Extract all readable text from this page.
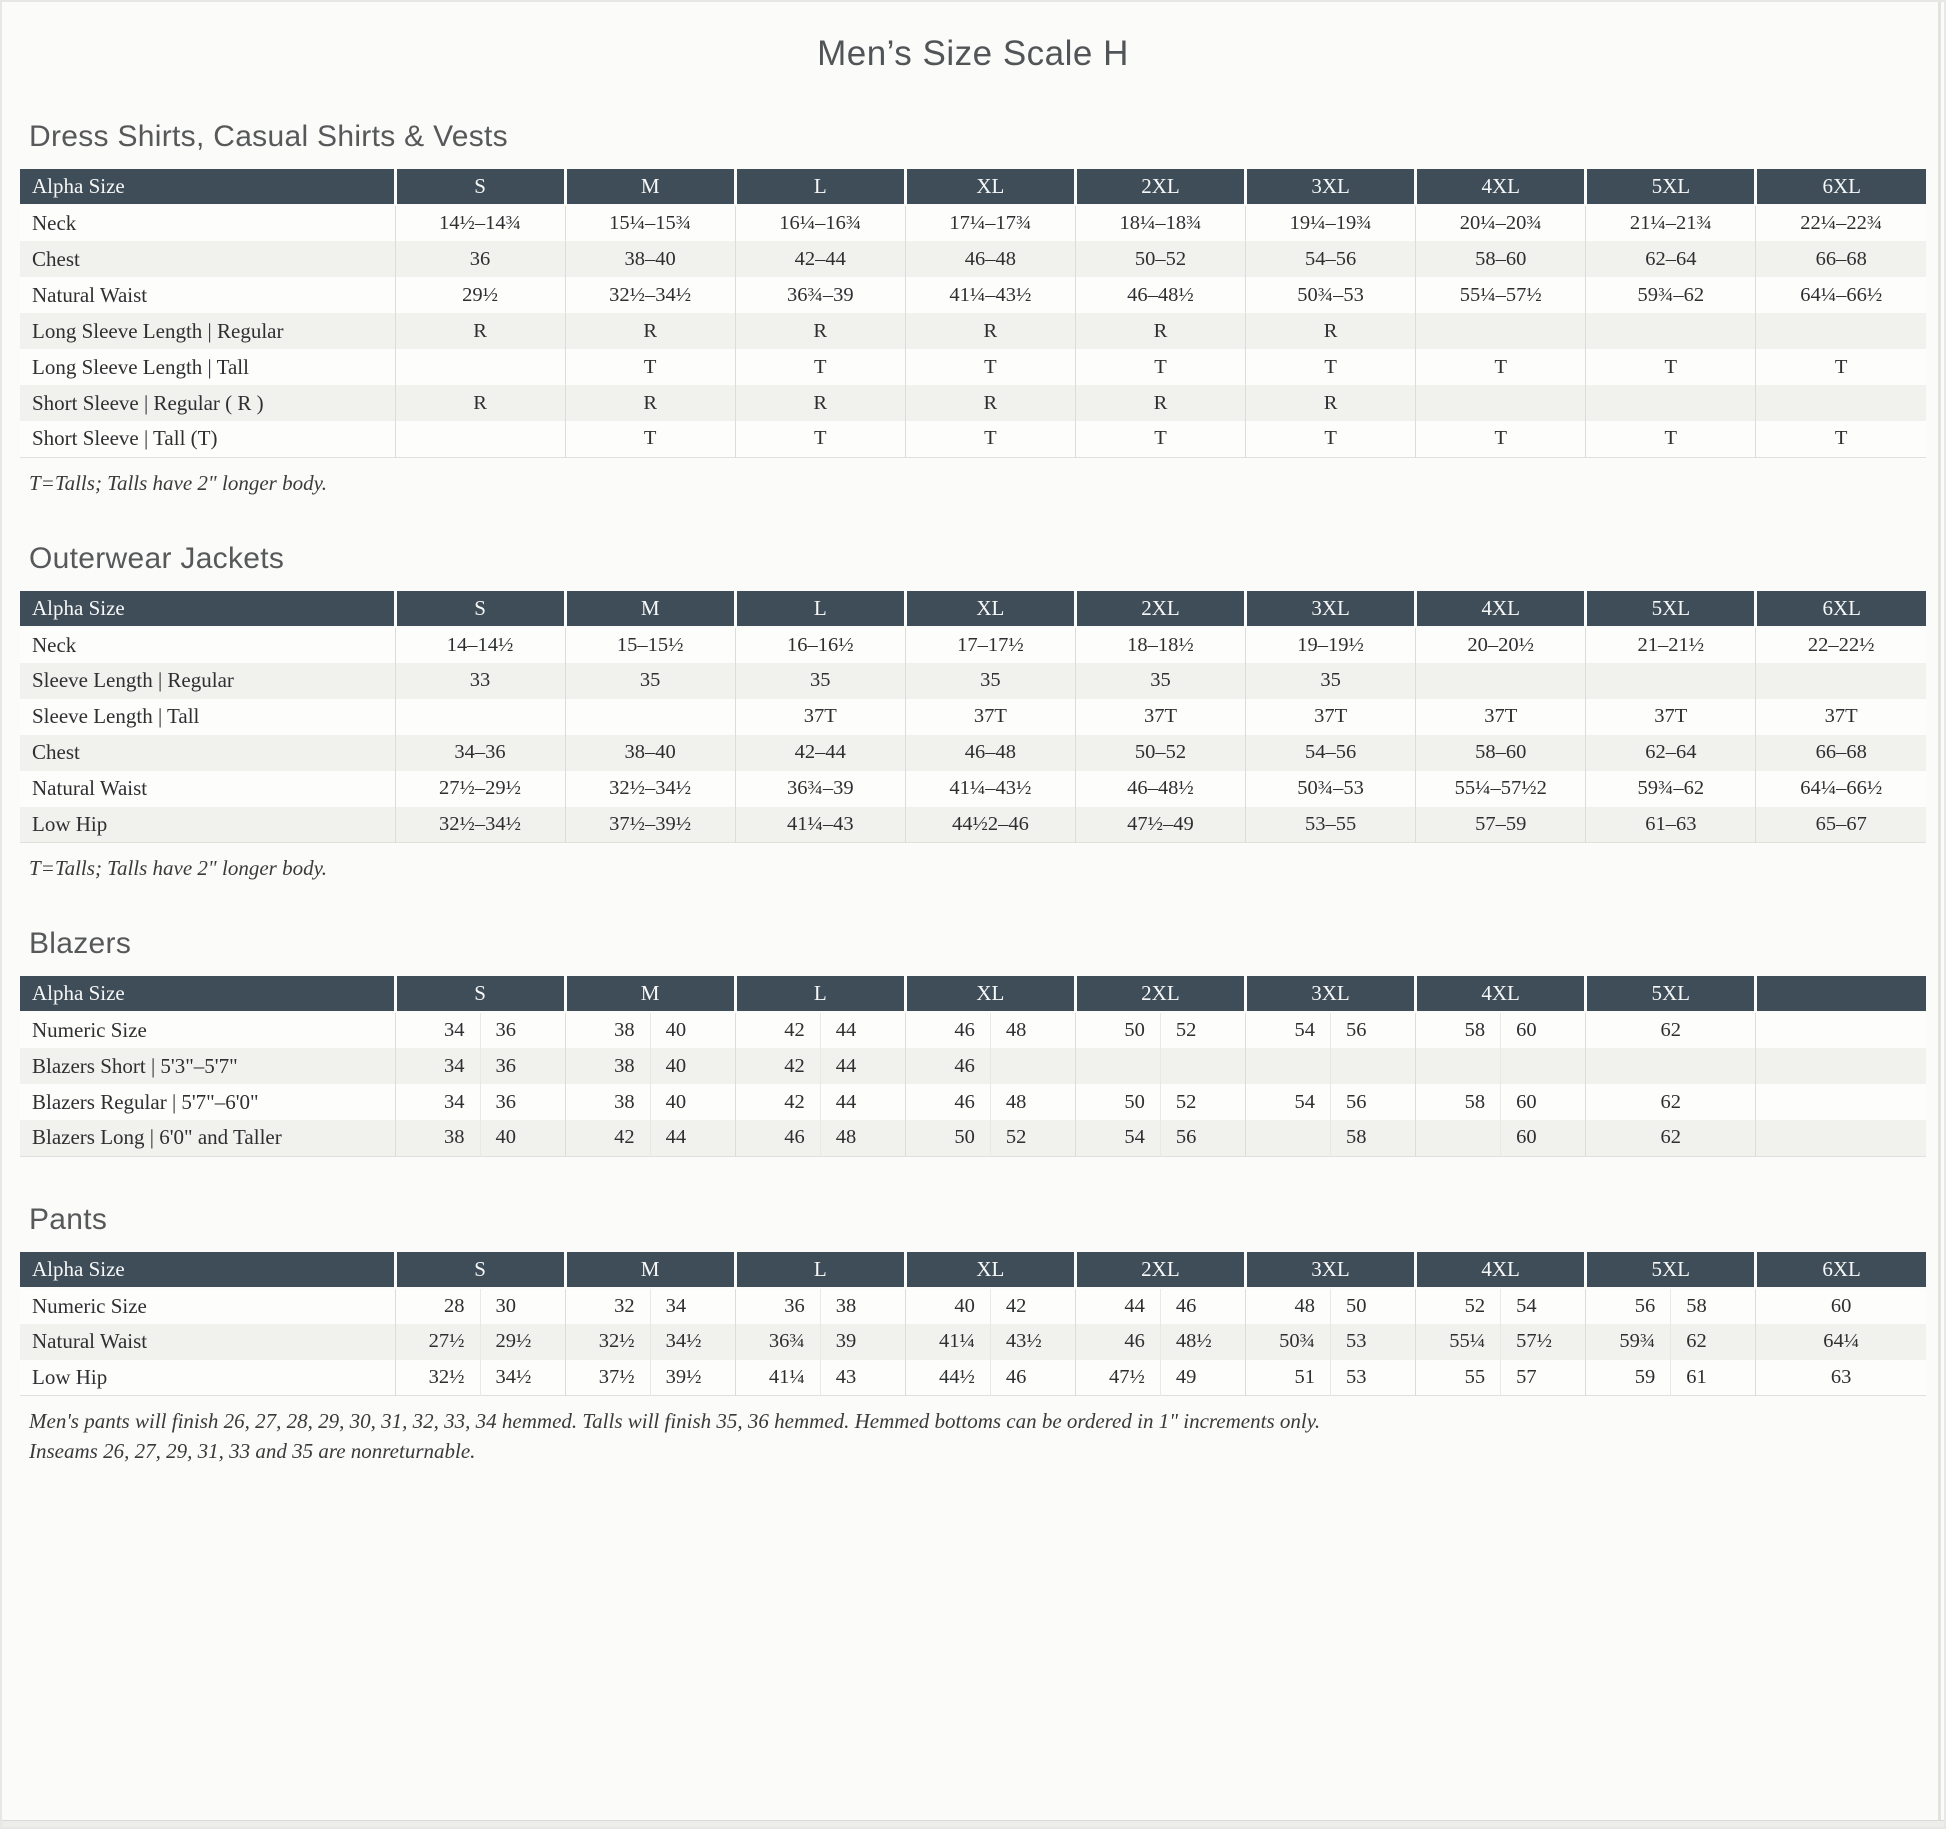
Men’s Size Scale H
Dress Shirts, Casual Shirts & Vests
Alpha Size	S	M	L	XL	2XL	3XL	4XL	5XL	6XL
Neck	14½–14¾	15¼–15¾	16¼–16¾	17¼–17¾	18¼–18¾	19¼–19¾	20¼–20¾	21¼–21¾	22¼–22¾
Chest	36	38–40	42–44	46–48	50–52	54–56	58–60	62–64	66–68
Natural Waist	29½	32½–34½	36¾–39	41¼–43½	46–48½	50¾–53	55¼–57½	59¾–62	64¼–66½
Long Sleeve Length | Regular	R	R	R	R	R	R			
Long Sleeve Length | Tall		T	T	T	T	T	T	T	T
Short Sleeve | Regular ( R )	R	R	R	R	R	R			
Short Sleeve | Tall (T)		T	T	T	T	T	T	T	T

T=Talls; Talls have 2" longer body.

Outerwear Jackets
Alpha Size	S	M	L	XL	2XL	3XL	4XL	5XL	6XL
Neck	14–14½	15–15½	16–16½	17–17½	18–18½	19–19½	20–20½	21–21½	22–22½
Sleeve Length | Regular	33	35	35	35	35	35			
Sleeve Length | Tall			37T	37T	37T	37T	37T	37T	37T
Chest	34–36	38–40	42–44	46–48	50–52	54–56	58–60	62–64	66–68
Natural Waist	27½–29½	32½–34½	36¾–39	41¼–43½	46–48½	50¾–53	55¼–57½2	59¾–62	64¼–66½
Low Hip	32½–34½	37½–39½	41¼–43	44½2–46	47½–49	53–55	57–59	61–63	65–67

T=Talls; Talls have 2" longer body.

Blazers
Alpha Size	S		M		L		XL		2XL		3XL		4XL		5XL	
Numeric Size	34	36	38	40	42	44	46	48	50	52	54	56	58	60	62	
Blazers Short | 5'3"–5'7"	34	36	38	40	42	44	46									
Blazers Regular | 5'7"–6'0"	34	36	38	40	42	44	46	48	50	52	54	56	58	60	62	
Blazers Long | 6'0" and Taller	38	40	42	44	46	48	50	52	54	56		58		60	62	
Pants
Alpha Size	S		M		L		XL		2XL		3XL		4XL		5XL		6XL
Numeric Size	28	30	32	34	36	38	40	42	44	46	48	50	52	54	56	58	60
Natural Waist	27½	29½	32½	34½	36¾	39	41¼	43½	46	48½	50¾	53	55¼	57½	59¾	62	64¼
Low Hip	32½	34½	37½	39½	41¼	43	44½	46	47½	49	51	53	55	57	59	61	63

Men's pants will finish 26, 27, 28, 29, 30, 31, 32, 33, 34 hemmed. Talls will finish 35, 36 hemmed. Hemmed bottoms can be ordered in 1" increments only.

Inseams 26, 27, 29, 31, 33 and 35 are nonreturnable.
